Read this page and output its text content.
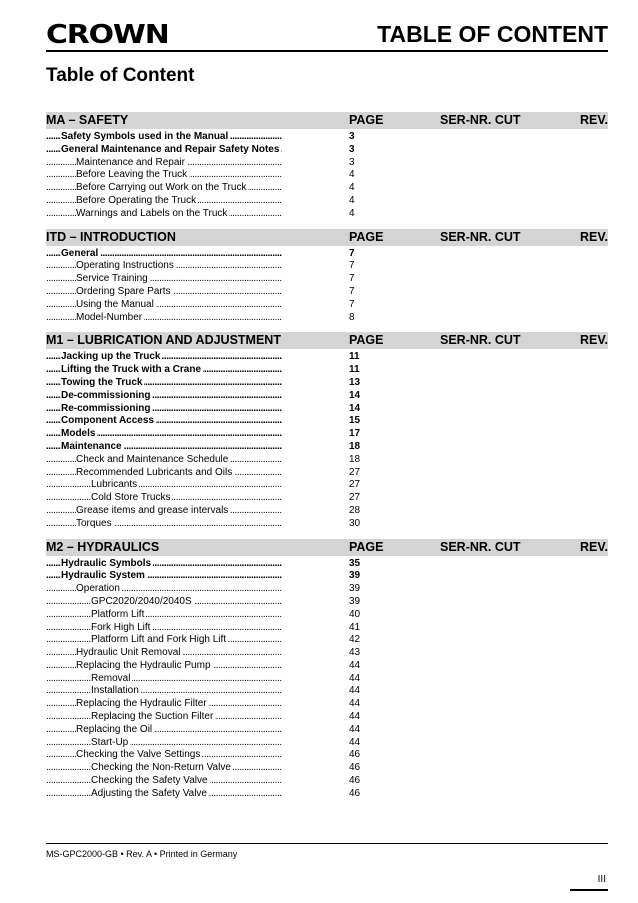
CROWN	TABLE OF CONTENT
Table of Content
MA – SAFETY	PAGE	SER-NR. CUT	REV.
Safety Symbols used in the Manual . . .	3
General Maintenance and Repair Safety Notes . . .	3
Maintenance and Repair . . .	3
Before Leaving the Truck . . .	4
Before Carrying out Work on the Truck . . .	4
Before Operating the Truck . . .	4
Warnings and Labels on the Truck . . .	4
ITD – INTRODUCTION	PAGE	SER-NR. CUT	REV.
General . . .	7
Operating Instructions . . .	7
Service Training . . .	7
Ordering Spare Parts . . .	7
Using the Manual . . .	7
Model-Number . . .	8
M1 – LUBRICATION AND ADJUSTMENT	PAGE	SER-NR. CUT	REV.
Jacking up the Truck . . .	11
Lifting the Truck with a Crane . . .	11
Towing the Truck . . .	13
De-commissioning . . .	14
Re-commissioning . . .	14
Component Access . . .	15
Models . . .	17
Maintenance . . .	18
Check and Maintenance Schedule . . .	18
Recommended Lubricants and Oils . . .	27
Lubricants . . .	27
Cold Store Trucks . . .	27
Grease items and grease intervals . . .	28
Torques . . .	30
M2 – HYDRAULICS	PAGE	SER-NR. CUT	REV.
Hydraulic Symbols . . .	35
Hydraulic System . . .	39
Operation . . .	39
GPC2020/2040/2040S . . .	39
Platform Lift . . .	40
Fork High Lift . . .	41
Platform Lift and Fork High Lift . . .	42
Hydraulic Unit Removal . . .	43
Replacing the Hydraulic Pump . . .	44
Removal . . .	44
Installation . . .	44
Replacing the Hydraulic Filter . . .	44
Replacing the Suction Filter . . .	44
Replacing the Oil . . .	44
Start-Up . . .	44
Checking the Valve Settings . . .	46
Checking the Non-Return Valve . . .	46
Checking the Safety Valve . . .	46
Adjusting the Safety Valve . . .	46
MS-GPC2000-GB • Rev. A • Printed in Germany
III
